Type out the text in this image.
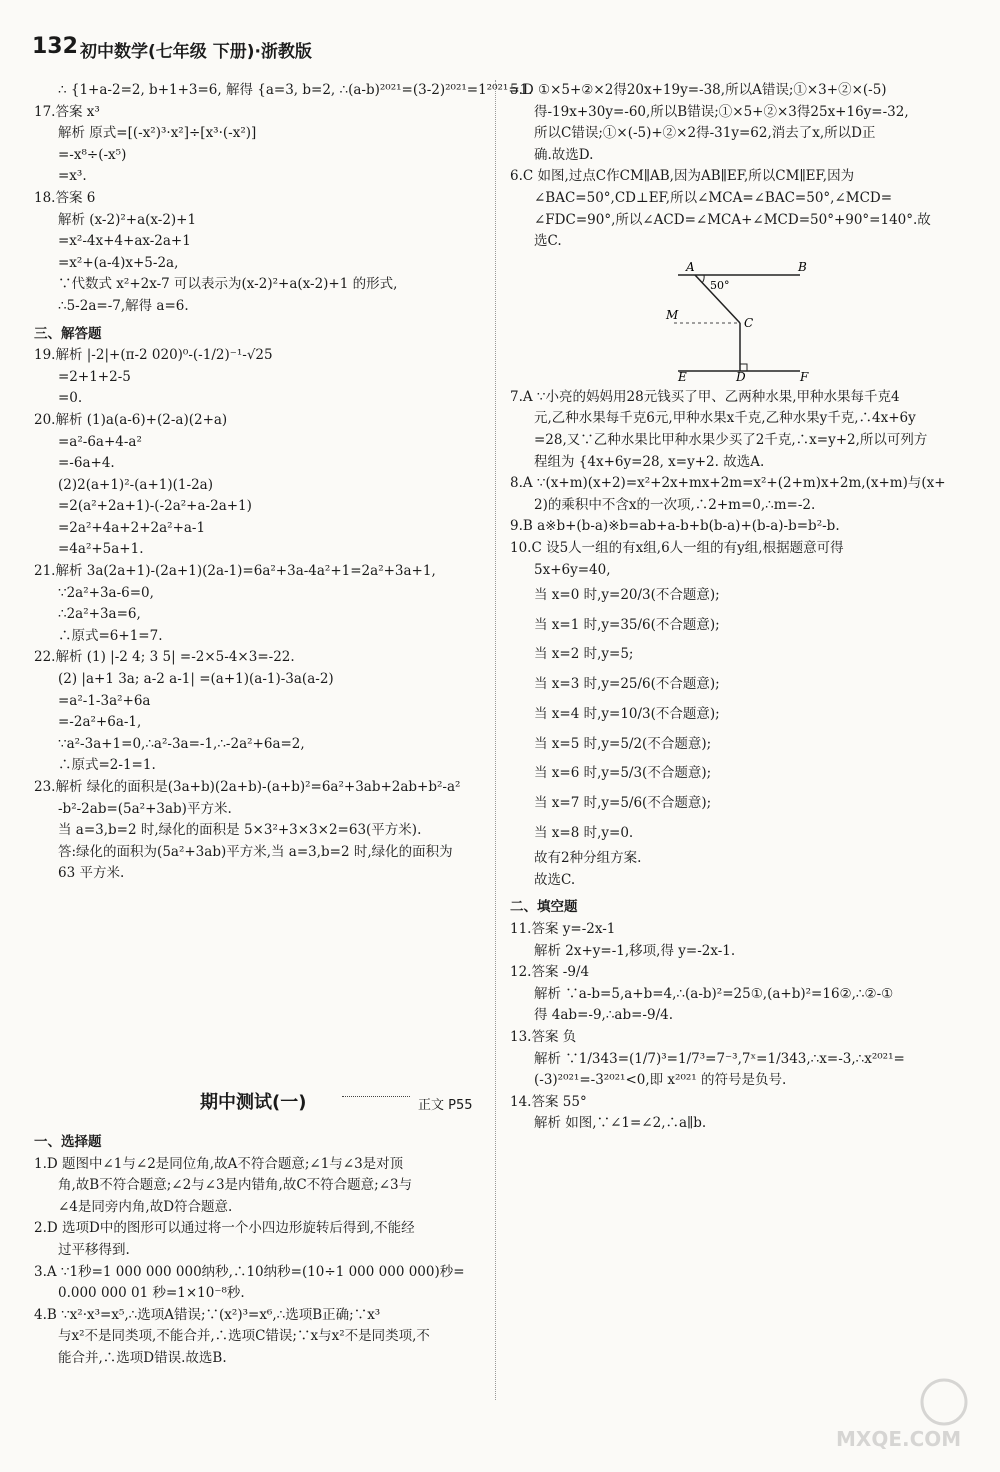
132 初中数学(七年级 下册)·浙教版
∴ {1+a-2=2, b+1+3=6, 解得 {a=3, b=2, ∴(a-b)²⁰²¹=(3-2)²⁰²¹=1²⁰²¹=1.
17.答案 x³
解析 原式=[(-x²)³·x²]÷[x³·(-x²)]
=-x⁸÷(-x⁵)
=x³.
18.答案 6
解析 (x-2)²+a(x-2)+1
=x²-4x+4+ax-2a+1
=x²+(a-4)x+5-2a,
∵代数式 x²+2x-7 可以表示为(x-2)²+a(x-2)+1 的形式,
∴5-2a=-7,解得 a=6.
三、解答题
19.解析 |-2|+(π-2 020)⁰-(-1/2)⁻¹-√25
=2+1+2-5
=0.
20.解析 (1)a(a-6)+(2-a)(2+a)
=a²-6a+4-a²
=-6a+4.
(2)2(a+1)²-(a+1)(1-2a)
=2(a²+2a+1)-(-2a²+a-2a+1)
=2a²+4a+2+2a²+a-1
=4a²+5a+1.
21.解析 3a(2a+1)-(2a+1)(2a-1)=6a²+3a-4a²+1=2a²+3a+1,
∵2a²+3a-6=0,
∴2a²+3a=6,
∴原式=6+1=7.
22.解析 (1) |-2 4; 3 5| =-2×5-4×3=-22.
(2) |a+1 3a; a-2 a-1| =(a+1)(a-1)-3a(a-2)
=a²-1-3a²+6a
=-2a²+6a-1,
∵a²-3a+1=0,∴a²-3a=-1,∴-2a²+6a=2,
∴原式=2-1=1.
23.解析 绿化的面积是(3a+b)(2a+b)-(a+b)²=6a²+3ab+2ab+b²-a²
-b²-2ab=(5a²+3ab)平方米.
当 a=3,b=2 时,绿化的面积是 5×3²+3×3×2=63(平方米).
答:绿化的面积为(5a²+3ab)平方米,当 a=3,b=2 时,绿化的面积为
63 平方米.
期中测试(一)	正文 P55
一、选择题
1.D 题图中∠1与∠2是同位角,故A不符合题意;∠1与∠3是对顶
角,故B不符合题意;∠2与∠3是内错角,故C不符合题意;∠3与
∠4是同旁内角,故D符合题意.
2.D 选项D中的图形可以通过将一个小四边形旋转后得到,不能经
过平移得到.
3.A ∵1秒=1 000 000 000纳秒,∴10纳秒=(10÷1 000 000 000)秒=
0.000 000 01 秒=1×10⁻⁸秒.
4.B ∵x²·x³=x⁵,∴选项A错误;∵(x²)³=x⁶,∴选项B正确;∵x³
与x²不是同类项,不能合并,∴选项C错误;∵x与x²不是同类项,不
能合并,∴选项D错误.故选B.
5.D ①×5+②×2得20x+19y=-38,所以A错误;①×3+②×(-5)
得-19x+30y=-60,所以B错误;①×5+②×3得25x+16y=-32,
所以C错误;①×(-5)+②×2得-31y=62,消去了x,所以D正
确.故选D.
6.C 如图,过点C作CM∥AB,因为AB∥EF,所以CM∥EF,因为
∠BAC=50°,CD⊥EF,所以∠MCA=∠BAC=50°,∠MCD=
∠FDC=90°,所以∠ACD=∠MCA+∠MCD=50°+90°=140°.故
选C.
A	B
C
D
E	F
M
50°
7.A ∵小亮的妈妈用28元钱买了甲、乙两种水果,甲种水果每千克4
元,乙种水果每千克6元,甲种水果x千克,乙种水果y千克,∴4x+6y
=28,又∵乙种水果比甲种水果少买了2千克,∴x=y+2,所以可列方
程组为 {4x+6y=28, x=y+2. 故选A.
8.A ∵(x+m)(x+2)=x²+2x+mx+2m=x²+(2+m)x+2m,(x+m)与(x+
2)的乘积中不含x的一次项,∴2+m=0,∴m=-2.
9.B a※b+(b-a)※b=ab+a-b+b(b-a)+(b-a)-b=b²-b.
10.C 设5人一组的有x组,6人一组的有y组,根据题意可得
5x+6y=40,
当 x=0 时,y=20/3(不合题意);
当 x=1 时,y=35/6(不合题意);
当 x=2 时,y=5;
当 x=3 时,y=25/6(不合题意);
当 x=4 时,y=10/3(不合题意);
当 x=5 时,y=5/2(不合题意);
当 x=6 时,y=5/3(不合题意);
当 x=7 时,y=5/6(不合题意);
当 x=8 时,y=0.
故有2种分组方案.
故选C.
二、填空题
11.答案 y=-2x-1
解析 2x+y=-1,移项,得 y=-2x-1.
12.答案 -9/4
解析 ∵a-b=5,a+b=4,∴(a-b)²=25①,(a+b)²=16②,∴②-①
得 4ab=-9,∴ab=-9/4.
13.答案 负
解析 ∵1/343=(1/7)³=1/7³=7⁻³,7ˣ=1/343,∴x=-3,∴x²⁰²¹=
(-3)²⁰²¹=-3²⁰²¹<0,即 x²⁰²¹ 的符号是负号.
14.答案 55°
解析 如图,∵∠1=∠2,∴a∥b.
MXQE.COM
